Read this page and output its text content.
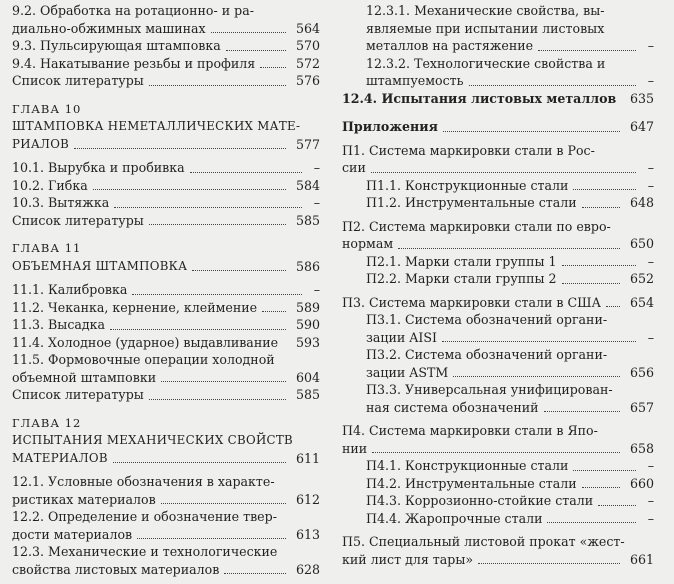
9.2. Обработка на ротационно- и ра-
диально-обжимных машинах	564
9.3. Пульсирующая штамповка	570
9.4. Накатывание резьбы и профиля	572
Список литературы	576
ГЛАВА 10
ШТАМПОВКА НЕМЕТАЛЛИЧЕСКИХ МАТЕ-
РИАЛОВ	577
10.1. Вырубка и пробивка	–
10.2. Гибка	584
10.3. Вытяжка	–
Список литературы	585
ГЛАВА 11
ОБЪЕМНАЯ ШТАМПОВКА	586
11.1. Калибровка	–
11.2. Чеканка, кернение, клеймение	589
11.3. Высадка	590
11.4. Холодное (ударное) выдавливание	593
11.5. Формовочные операции холодной
объемной штамповки	604
Список литературы	585
ГЛАВА 12
ИСПЫТАНИЯ МЕХАНИЧЕСКИХ СВОЙСТВ
МАТЕРИАЛОВ	611
12.1. Условные обозначения в характе-
ристиках материалов	612
12.2. Определение и обозначение твер-
дости материалов	613
12.3. Механические и технологические
свойства листовых материалов	628
12.3.1. Механические свойства, вы-
являемые при испытании листовых
металлов на растяжение	–
12.3.2. Технологические свойства и
штампуемость	–
12.4. Испытания листовых металлов	635
Приложения	647
П1. Система маркировки стали в Рос-
сии	–
П1.1. Конструкционные стали	–
П1.2. Инструментальные стали	648
П2. Система маркировки стали по евро-
нормам	650
П2.1. Марки стали группы 1	–
П2.2. Марки стали группы 2	652
П3. Система маркировки стали в США	654
П3.1. Система обозначений органи-
зации AISI	–
П3.2. Система обозначений органи-
зации ASTM	656
П3.3. Универсальная унифицирован-
ная система обозначений	657
П4. Система маркировки стали в Япо-
нии	658
П4.1. Конструкционные стали	–
П4.2. Инструментальные стали	660
П4.3. Коррозионно-стойкие стали	–
П4.4. Жаропрочные стали	–
П5. Специальный листовой прокат «жест-
кий лист для тары»	661
